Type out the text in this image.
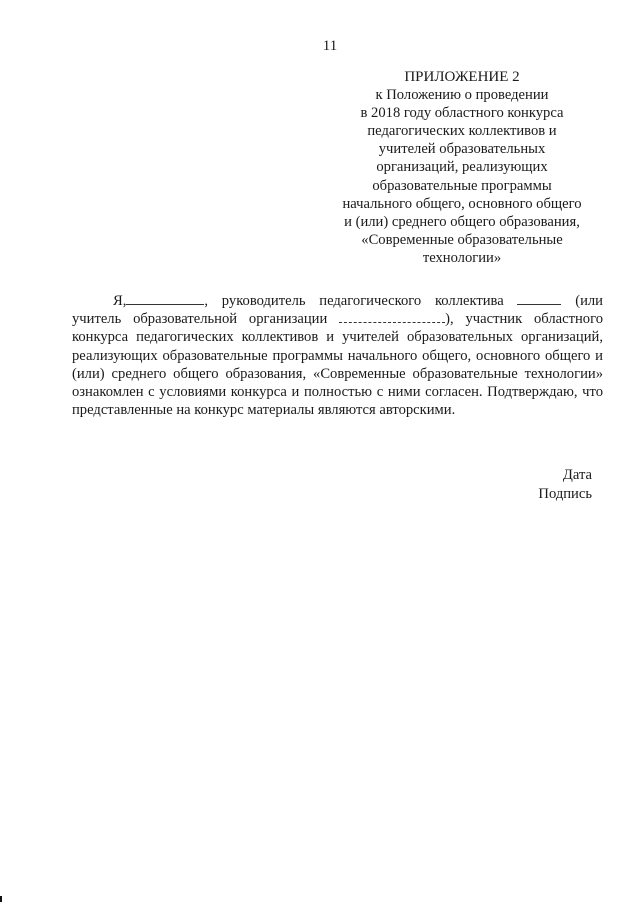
11
ПРИЛОЖЕНИЕ 2
к Положению о проведении
в 2018 году областного конкурса
педагогических коллективов и
учителей образовательных
организаций, реализующих
образовательные программы
начального общего, основного общего
и (или) среднего общего образования,
«Современные образовательные
технологии»

Я,	, руководитель педагогического коллектива	(или учитель образовательной организации	), участник областного конкурса педагогических коллективов и учителей образовательных организаций, реализующих образовательные программы начального общего, основного общего и (или) среднего общего образования, «Современные образовательные технологии» ознакомлен с условиями конкурса и полностью с ними согласен. Подтверждаю, что представленные на конкурс материалы являются авторскими.

Дата
Подпись
